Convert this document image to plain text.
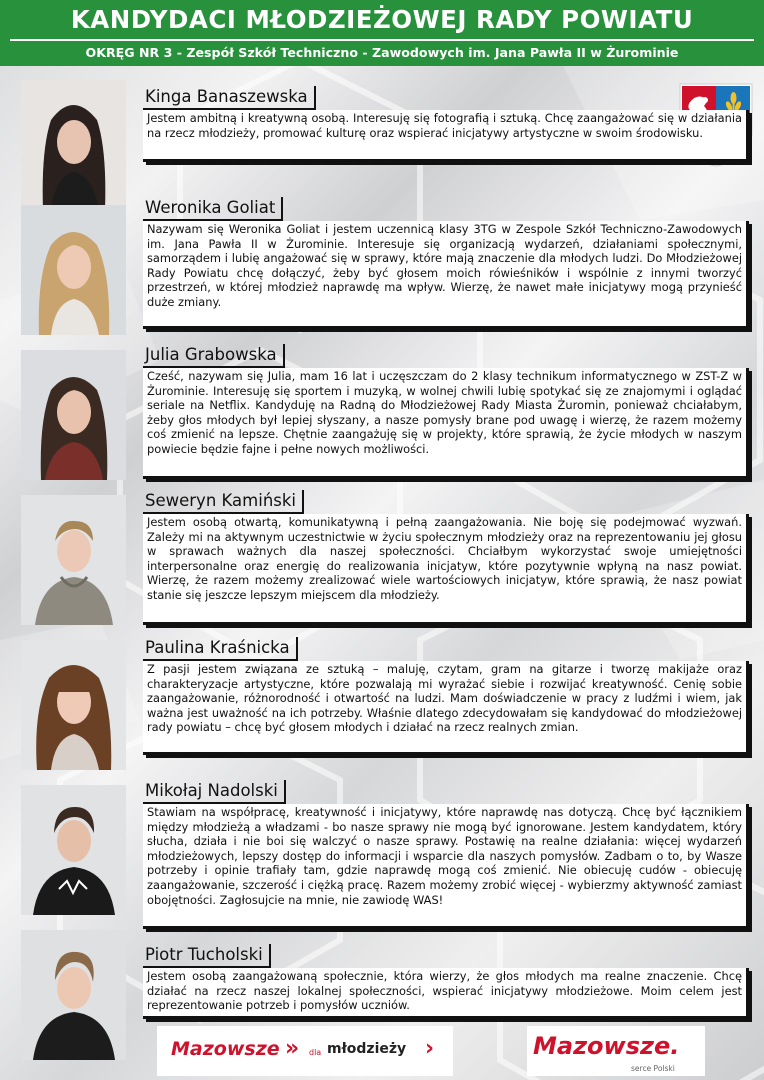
KANDYDACI MŁODZIEŻOWEJ RADY POWIATU
OKRĘG NR 3 - Zespół Szkół Techniczno - Zawodowych im. Jana Pawła II w Żurominie
Kinga Banaszewska
Jestem ambitną i kreatywną osobą. Interesuję się fotografią i sztuką. Chcę zaangażować się w działania na rzecz młodzieży, promować kulturę oraz wspierać inicjatywy artystyczne w swoim środowisku.
Weronika Goliat
Nazywam się Weronika Goliat i jestem uczennicą klasy 3TG w Zespole Szkół Techniczno-Zawodowych im. Jana Pawła II w Żurominie. Interesuje się organizacją wydarzeń, działaniami społecznymi, samorządem i lubię angażować się w sprawy, które mają znaczenie dla młodych ludzi. Do Młodzieżowej Rady Powiatu chcę dołączyć, żeby być głosem moich rówieśników i wspólnie z innymi tworzyć przestrzeń, w której młodzież naprawdę ma wpływ. Wierzę, że nawet małe inicjatywy mogą przynieść duże zmiany.
Julia Grabowska
Cześć, nazywam się Julia, mam 16 lat i uczęszczam do 2 klasy technikum informatycznego w ZST-Z w Żurominie. Interesuję się sportem i muzyką, w wolnej chwili lubię spotykać się ze znajomymi i oglądać seriale na Netflix. Kandyduję na Radną do Młodzieżowej Rady Miasta Żuromin, ponieważ chciałabym, żeby głos młodych był lepiej słyszany, a nasze pomysły brane pod uwagę i wierzę, że razem możemy coś zmienić na lepsze. Chętnie zaangażuję się w projekty, które sprawią, że życie młodych w naszym powiecie będzie fajne i pełne nowych możliwości.
Seweryn Kamiński
Jestem osobą otwartą, komunikatywną i pełną zaangażowania. Nie boję się podejmować wyzwań. Zależy mi na aktywnym uczestnictwie w życiu społecznym młodzieży oraz na reprezentowaniu jej głosu w sprawach ważnych dla naszej społeczności. Chciałbym wykorzystać swoje umiejętności interpersonalne oraz energię do realizowania inicjatyw, które pozytywnie wpłyną na nasz powiat. Wierzę, że razem możemy zrealizować wiele wartościowych inicjatyw, które sprawią, że nasz powiat stanie się jeszcze lepszym miejscem dla młodzieży.
Paulina Kraśnicka
Z pasji jestem związana ze sztuką – maluję, czytam, gram na gitarze i tworzę makijaże oraz charakteryzacje artystyczne, które pozwalają mi wyrażać siebie i rozwijać kreatywność. Cenię sobie zaangażowanie, różnorodność i otwartość na ludzi. Mam doświadczenie w pracy z ludźmi i wiem, jak ważna jest uważność na ich potrzeby. Właśnie dlatego zdecydowałam się kandydować do młodzieżowej rady powiatu – chcę być głosem młodych i działać na rzecz realnych zmian.
Mikołaj Nadolski
Stawiam na współpracę, kreatywność i inicjatywy, które naprawdę nas dotyczą. Chcę być łącznikiem między młodzieżą a władzami - bo nasze sprawy nie mogą być ignorowane. Jestem kandydatem, który słucha, działa i nie boi się walczyć o nasze sprawy. Postawię na realne działania: więcej wydarzeń młodzieżowych, lepszy dostęp do informacji i wsparcie dla naszych pomysłów. Zadbam o to, by Wasze potrzeby i opinie trafiały tam, gdzie naprawdę mogą coś zmienić. Nie obiecuję cudów - obiecuję zaangażowanie, szczerość i ciężką pracę. Razem możemy zrobić więcej - wybierzmy aktywność zamiast obojętności. Zagłosujcie na mnie, nie zawiodę WAS!
Piotr Tucholski
Jestem osobą zaangażowaną społecznie, która wierzy, że głos młodych ma realne znaczenie. Chcę działać na rzecz naszej lokalnej społeczności, wspierać inicjatywy młodzieżowe. Moim celem jest reprezentowanie potrzeb i pomysłów uczniów.
Mazowsze » dla młodzieży ›	Mazowsze.
serce Polski
